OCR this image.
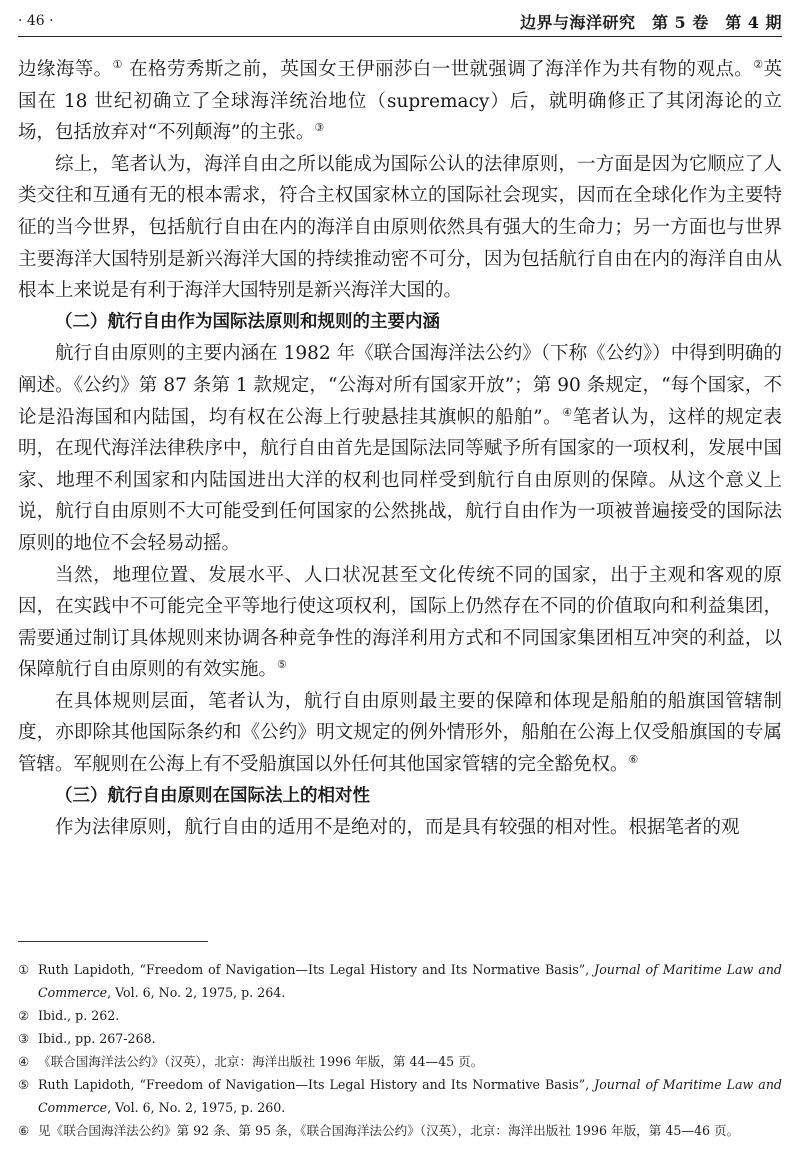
· 46 ·	边界与海洋研究　第 5 卷　第 4 期

边缘海等。① 在格劳秀斯之前，英国女王伊丽莎白一世就强调了海洋作为共有物的观点。②英国在 18 世纪初确立了全球海洋统治地位（supremacy）后，就明确修正了其闭海论的立场，包括放弃对“不列颠海”的主张。③

综上，笔者认为，海洋自由之所以能成为国际公认的法律原则，一方面是因为它顺应了人类交往和互通有无的根本需求，符合主权国家林立的国际社会现实，因而在全球化作为主要特征的当今世界，包括航行自由在内的海洋自由原则依然具有强大的生命力；另一方面也与世界主要海洋大国特别是新兴海洋大国的持续推动密不可分，因为包括航行自由在内的海洋自由从根本上来说是有利于海洋大国特别是新兴海洋大国的。

（二）航行自由作为国际法原则和规则的主要内涵

航行自由原则的主要内涵在 1982 年《联合国海洋法公约》（下称《公约》）中得到明确的阐述。《公约》第 87 条第 1 款规定，“公海对所有国家开放”；第 90 条规定，“每个国家，不论是沿海国和内陆国，均有权在公海上行驶悬挂其旗帜的船舶”。④笔者认为，这样的规定表明，在现代海洋法律秩序中，航行自由首先是国际法同等赋予所有国家的一项权利，发展中国家、地理不利国家和内陆国进出大洋的权利也同样受到航行自由原则的保障。从这个意义上说，航行自由原则不大可能受到任何国家的公然挑战，航行自由作为一项被普遍接受的国际法原则的地位不会轻易动摇。

当然，地理位置、发展水平、人口状况甚至文化传统不同的国家，出于主观和客观的原因，在实践中不可能完全平等地行使这项权利，国际上仍然存在不同的价值取向和利益集团，需要通过制订具体规则来协调各种竞争性的海洋利用方式和不同国家集团相互冲突的利益，以保障航行自由原则的有效实施。⑤

在具体规则层面，笔者认为，航行自由原则最主要的保障和体现是船舶的船旗国管辖制度，亦即除其他国际条约和《公约》明文规定的例外情形外，船舶在公海上仅受船旗国的专属管辖。军舰则在公海上有不受船旗国以外任何其他国家管辖的完全豁免权。⑥

（三）航行自由原则在国际法上的相对性

作为法律原则，航行自由的适用不是绝对的，而是具有较强的相对性。根据笔者的观

① Ruth Lapidoth, “Freedom of Navigation—Its Legal History and Its Normative Basis”, Journal of Maritime Law and Commerce, Vol. 6, No. 2, 1975, p. 264.
② Ibid., p. 262.
③ Ibid., pp. 267-268.
④ 《联合国海洋法公约》（汉英），北京：海洋出版社 1996 年版，第 44—45 页。
⑤ Ruth Lapidoth, “Freedom of Navigation—Its Legal History and Its Normative Basis”, Journal of Maritime Law and Commerce, Vol. 6, No. 2, 1975, p. 260.
⑥ 见《联合国海洋法公约》第 92 条、第 95 条，《联合国海洋法公约》（汉英），北京：海洋出版社 1996 年版，第 45—46 页。
